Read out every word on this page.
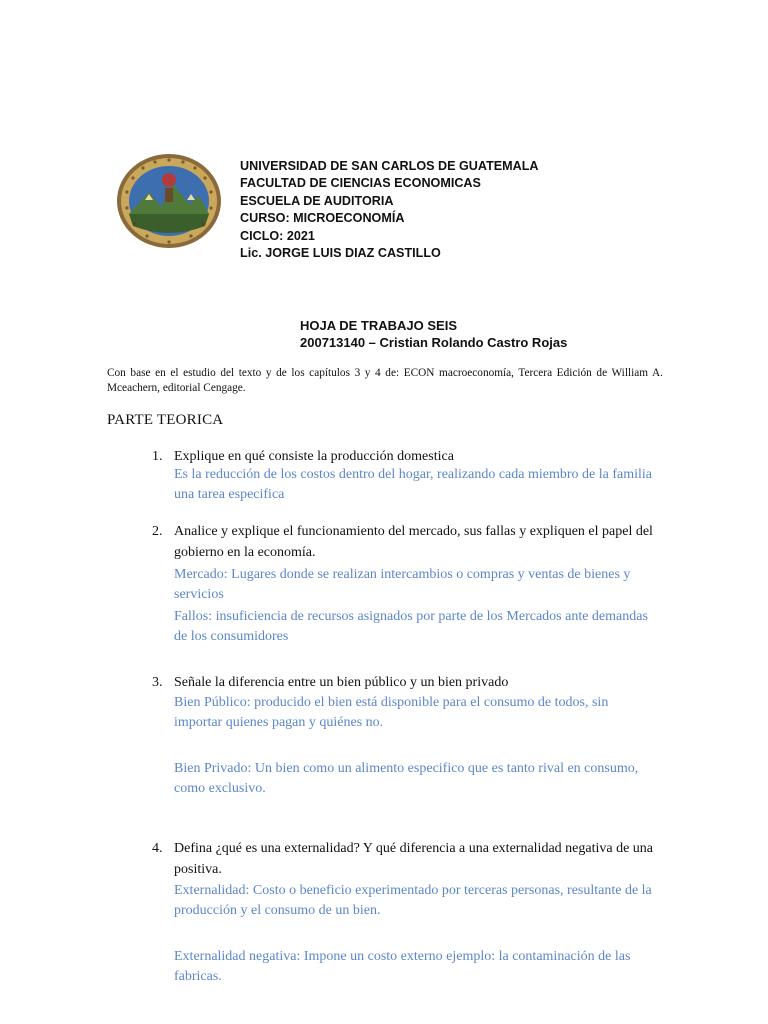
UNIVERSIDAD DE SAN CARLOS DE GUATEMALA
FACULTAD DE CIENCIAS ECONOMICAS
ESCUELA DE AUDITORIA
CURSO: MICROECONOMÍA
CICLO: 2021
Lic. JORGE LUIS DIAZ CASTILLO
HOJA DE TRABAJO SEIS
200713140 – Cristian Rolando Castro Rojas
Con base en el estudio del texto y de los capítulos 3 y 4 de: ECON macroeconomía, Tercera Edición de William A. Mceachern, editorial Cengage.
PARTE TEORICA
1. Explique en qué consiste la producción domestica
Es la reducción de los costos dentro del hogar, realizando cada miembro de la familia una tarea especifica
2. Analice y explique el funcionamiento del mercado, sus fallas y expliquen el papel del gobierno en la economía.
Mercado: Lugares donde se realizan intercambios o compras y ventas de bienes y servicios
Fallos: insuficiencia de recursos asignados por parte de los Mercados ante demandas de los consumidores
3. Señale la diferencia entre un bien público y un bien privado
Bien Público: producido el bien está disponible para el consumo de todos, sin importar quienes pagan y quiénes no.
Bien Privado: Un bien como un alimento especifico que es tanto rival en consumo, como exclusivo.
4. Defina ¿qué es una externalidad? Y qué diferencia a una externalidad negativa de una positiva.
Externalidad: Costo o beneficio experimentado por terceras personas, resultante de la producción y el consumo de un bien.
Externalidad negativa: Impone un costo externo ejemplo: la contaminación de las fabricas.
